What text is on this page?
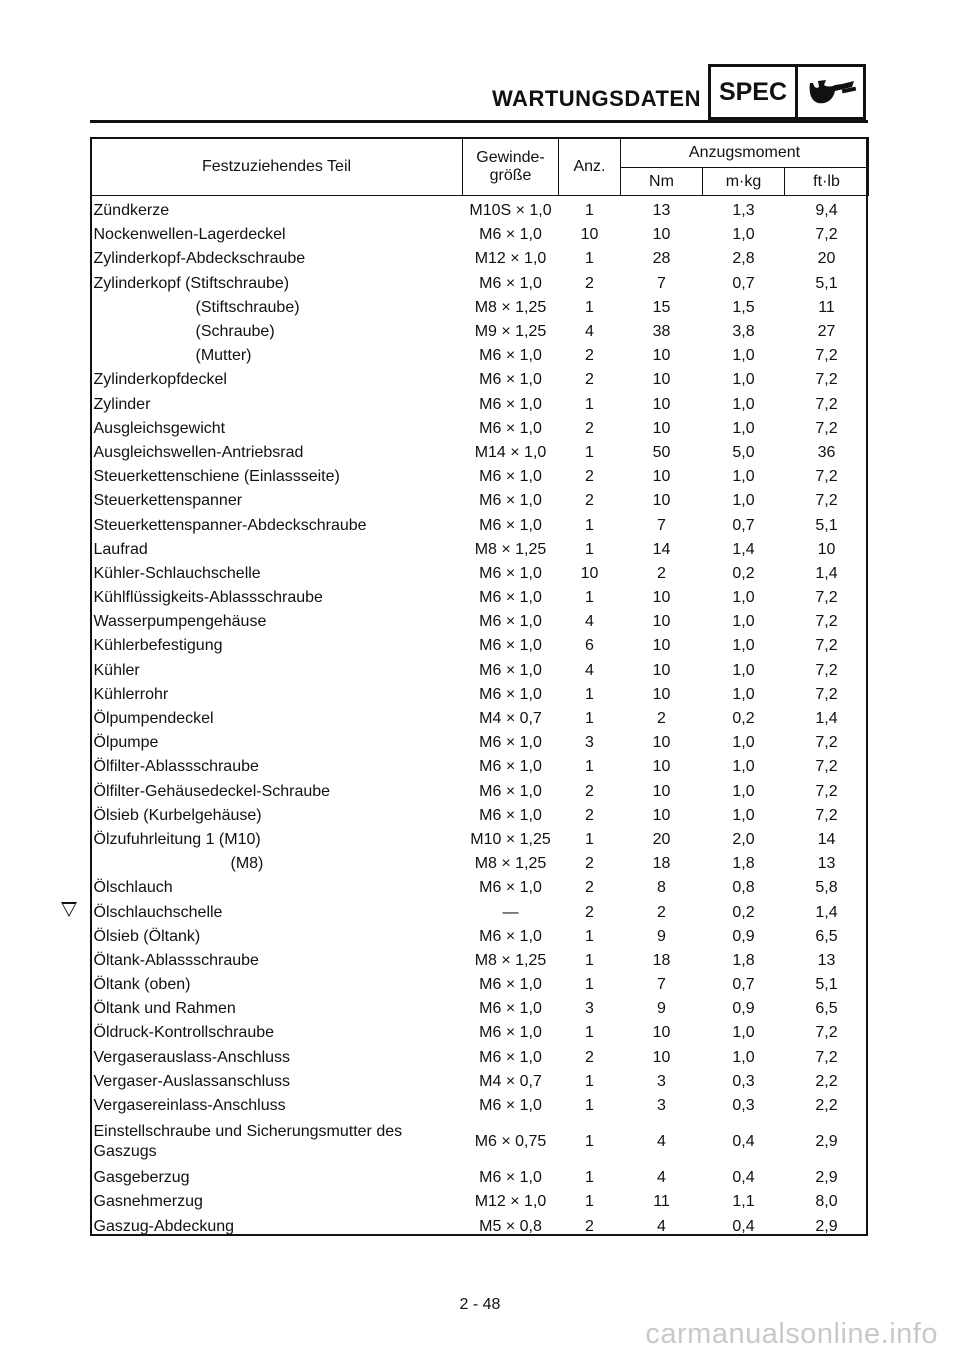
WARTUNGSDATEN SPEC
Festzuziehendes Teil	Gewinde-
größe	Anz.	Anzugsmoment		
			Nm	m·kg	ft·lb
Zündkerze	M10S × 1,0	1	13	1,3	9,4
Nockenwellen-Lagerdeckel	M6 × 1,0	10	10	1,0	7,2
Zylinderkopf-Abdeckschraube	M12 × 1,0	1	28	2,8	20
Zylinderkopf (Stiftschraube)	M6 × 1,0	2	7	0,7	5,1
(Stiftschraube)	M8 × 1,25	1	15	1,5	11
(Schraube)	M9 × 1,25	4	38	3,8	27
(Mutter)	M6 × 1,0	2	10	1,0	7,2
Zylinderkopfdeckel	M6 × 1,0	2	10	1,0	7,2
Zylinder	M6 × 1,0	1	10	1,0	7,2
Ausgleichsgewicht	M6 × 1,0	2	10	1,0	7,2
Ausgleichswellen-Antriebsrad	M14 × 1,0	1	50	5,0	36
Steuerkettenschiene (Einlassseite)	M6 × 1,0	2	10	1,0	7,2
Steuerkettenspanner	M6 × 1,0	2	10	1,0	7,2
Steuerkettenspanner-Abdeckschraube	M6 × 1,0	1	7	0,7	5,1
Laufrad	M8 × 1,25	1	14	1,4	10
Kühler-Schlauchschelle	M6 × 1,0	10	2	0,2	1,4
Kühlflüssigkeits-Ablassschraube	M6 × 1,0	1	10	1,0	7,2
Wasserpumpengehäuse	M6 × 1,0	4	10	1,0	7,2
Kühlerbefestigung	M6 × 1,0	6	10	1,0	7,2
Kühler	M6 × 1,0	4	10	1,0	7,2
Kühlerrohr	M6 × 1,0	1	10	1,0	7,2
Ölpumpendeckel	M4 × 0,7	1	2	0,2	1,4
Ölpumpe	M6 × 1,0	3	10	1,0	7,2
Ölfilter-Ablassschraube	M6 × 1,0	1	10	1,0	7,2
Ölfilter-Gehäusedeckel-Schraube	M6 × 1,0	2	10	1,0	7,2
Ölsieb (Kurbelgehäuse)	M6 × 1,0	2	10	1,0	7,2
Ölzufuhrleitung 1 (M10)	M10 × 1,25	1	20	2,0	14
(M8)	M8 × 1,25	2	18	1,8	13
Ölschlauch	M6 × 1,0	2	8	0,8	5,8
Ölschlauchschelle	—	2	2	0,2	1,4
Ölsieb (Öltank)	M6 × 1,0	1	9	0,9	6,5
Öltank-Ablassschraube	M8 × 1,25	1	18	1,8	13
Öltank (oben)	M6 × 1,0	1	7	0,7	5,1
Öltank und Rahmen	M6 × 1,0	3	9	0,9	6,5
Öldruck-Kontrollschraube	M6 × 1,0	1	10	1,0	7,2
Vergaserauslass-Anschluss	M6 × 1,0	2	10	1,0	7,2
Vergaser-Auslassanschluss	M4 × 0,7	1	3	0,3	2,2
Vergasereinlass-Anschluss	M6 × 1,0	1	3	0,3	2,2
Einstellschraube und Sicherungsmutter des Gaszugs	M6 × 0,75	1	4	0,4	2,9
Gasgeberzug	M6 × 1,0	1	4	0,4	2,9
Gasnehmerzug	M12 × 1,0	1	11	1,1	8,0
Gaszug-Abdeckung	M5 × 0,8	2	4	0,4	2,9
2 - 48
carmanualsonline.info
